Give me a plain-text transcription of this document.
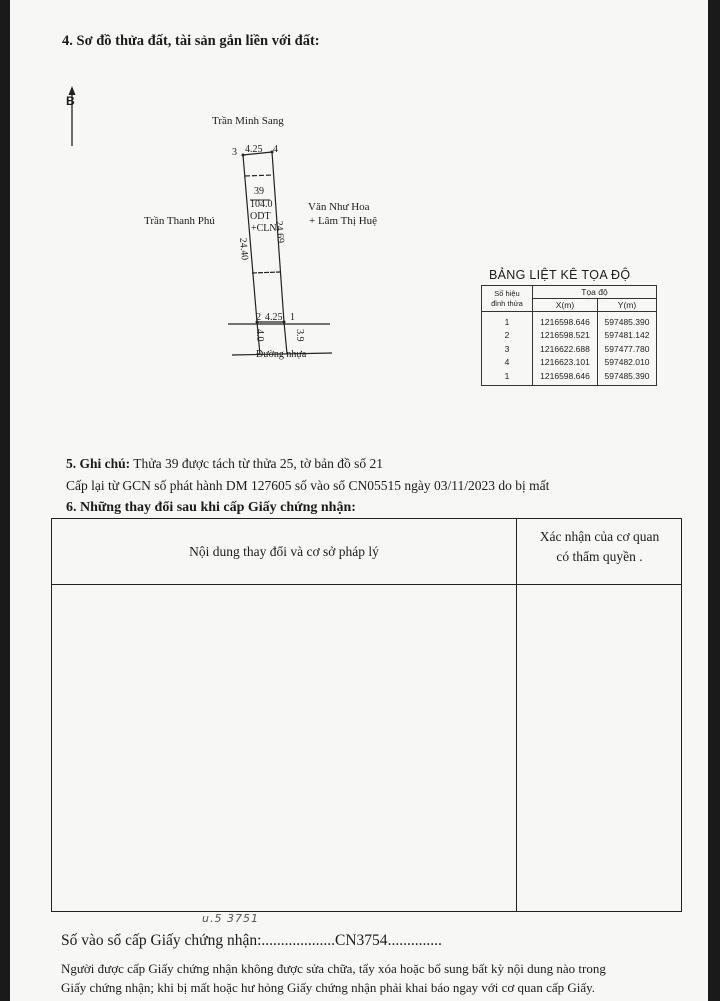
4. Sơ đồ thửa đất, tài sản gắn liền với đất:
24.40
24.69
4.0	3.9
B
Trần Minh Sang
Trần Thanh Phú
Văn Như Hoa
+ Lâm Thị Huệ
Đường nhựa
3 4.25 4
2 4.25 1
39
104.0
ODT
+CLN
BẢNG LIỆT KÊ TỌA ĐỘ
Số hiệu
đỉnh thửa	Tọa độ	
	X(m)	Y(m)
1	1216598.646	597485.390
2	1216598.521	597481.142
3	1216622.688	597477.780
4	1216623.101	597482.010
1	1216598.646	597485.390
5. Ghi chú: Thửa 39 được tách từ thửa 25, tờ bản đồ số 21
Cấp lại từ GCN số phát hành DM 127605 số vào sổ CN05515 ngày 03/11/2023 do bị mất
6. Những thay đổi sau khi cấp Giấy chứng nhận:
Nội dung thay đổi và cơ sở pháp lý
Xác nhận của cơ quan
có thẩm quyền .
u.5 3751
Số vào sổ cấp Giấy chứng nhận:...................CN3754..............
Người được cấp Giấy chứng nhận không được sửa chữa, tẩy xóa hoặc bổ sung bất kỳ nội dung nào trong
Giấy chứng nhận; khi bị mất hoặc hư hỏng Giấy chứng nhận phải khai báo ngay với cơ quan cấp Giấy.
